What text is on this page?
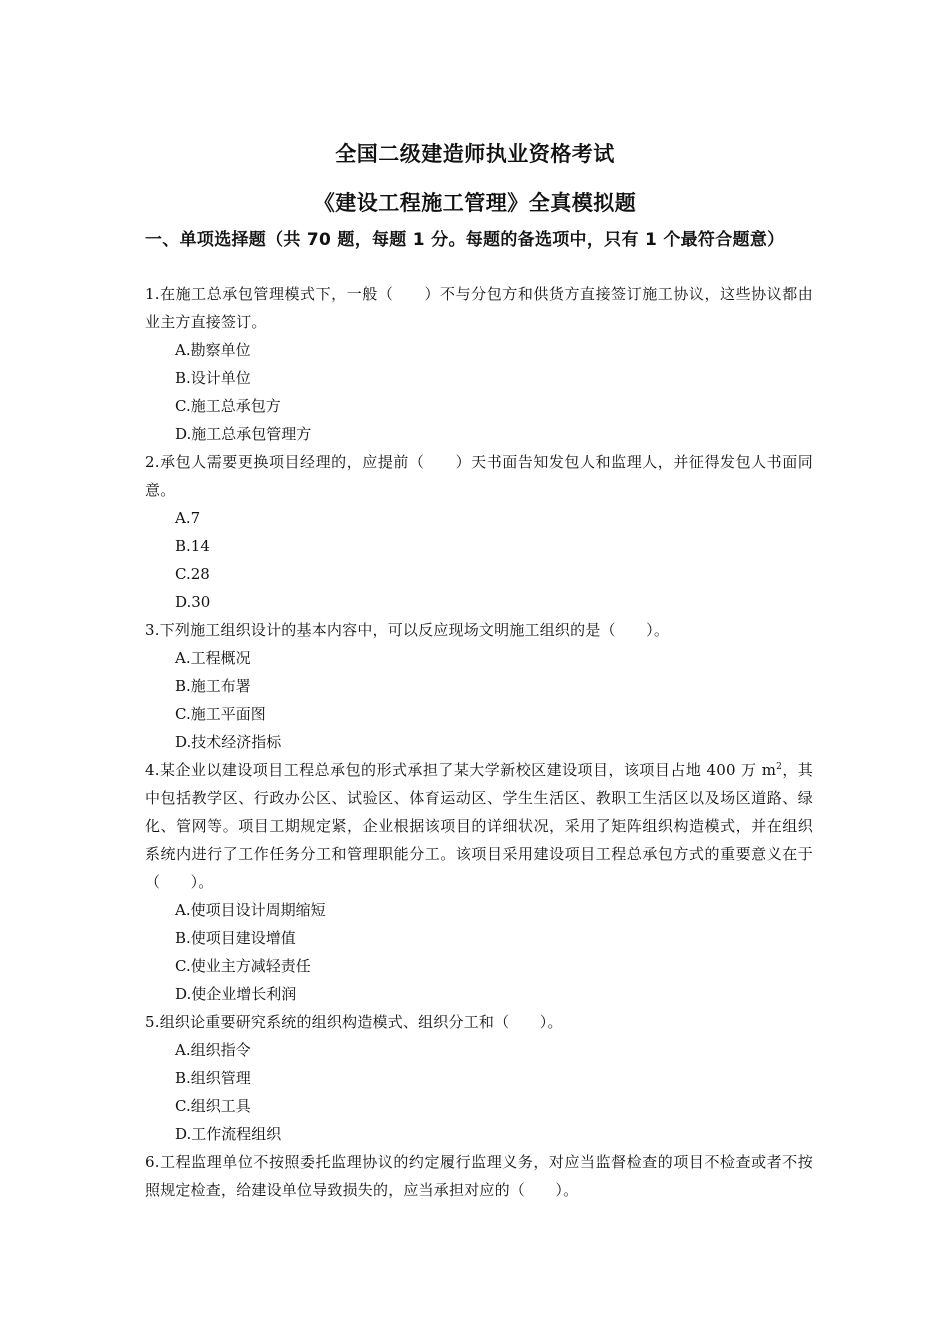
全国二级建造师执业资格考试
《建设工程施工管理》全真模拟题
一、单项选择题（共 70 题，每题 1 分。每题的备选项中，只有 1 个最符合题意）

1.在施工总承包管理模式下，一般（　　）不与分包方和供货方直接签订施工协议，这些协议都由业主方直接签订。

A.勘察单位

B.设计单位

C.施工总承包方

D.施工总承包管理方

2.承包人需要更换项目经理的，应提前（　　）天书面告知发包人和监理人，并征得发包人书面同意。

A.7

B.14

C.28

D.30

3.下列施工组织设计的基本内容中，可以反应现场文明施工组织的是（　　）。

A.工程概况

B.施工布署

C.施工平面图

D.技术经济指标

4.某企业以建设项目工程总承包的形式承担了某大学新校区建设项目，该项目占地 400 万 $m^2$，其中包括教学区、行政办公区、试验区、体育运动区、学生生活区、教职工生活区以及场区道路、绿化、管网等。项目工期规定紧，企业根据该项目的详细状况，采用了矩阵组织构造模式，并在组织系统内进行了工作任务分工和管理职能分工。该项目采用建设项目工程总承包方式的重要意义在于（　　）。

A.使项目设计周期缩短

B.使项目建设增值

C.使业主方减轻责任

D.使企业增长利润

5.组织论重要研究系统的组织构造模式、组织分工和（　　）。

A.组织指令

B.组织管理

C.组织工具

D.工作流程组织

6.工程监理单位不按照委托监理协议的约定履行监理义务，对应当监督检查的项目不检查或者不按照规定检查，给建设单位导致损失的，应当承担对应的（　　）。
